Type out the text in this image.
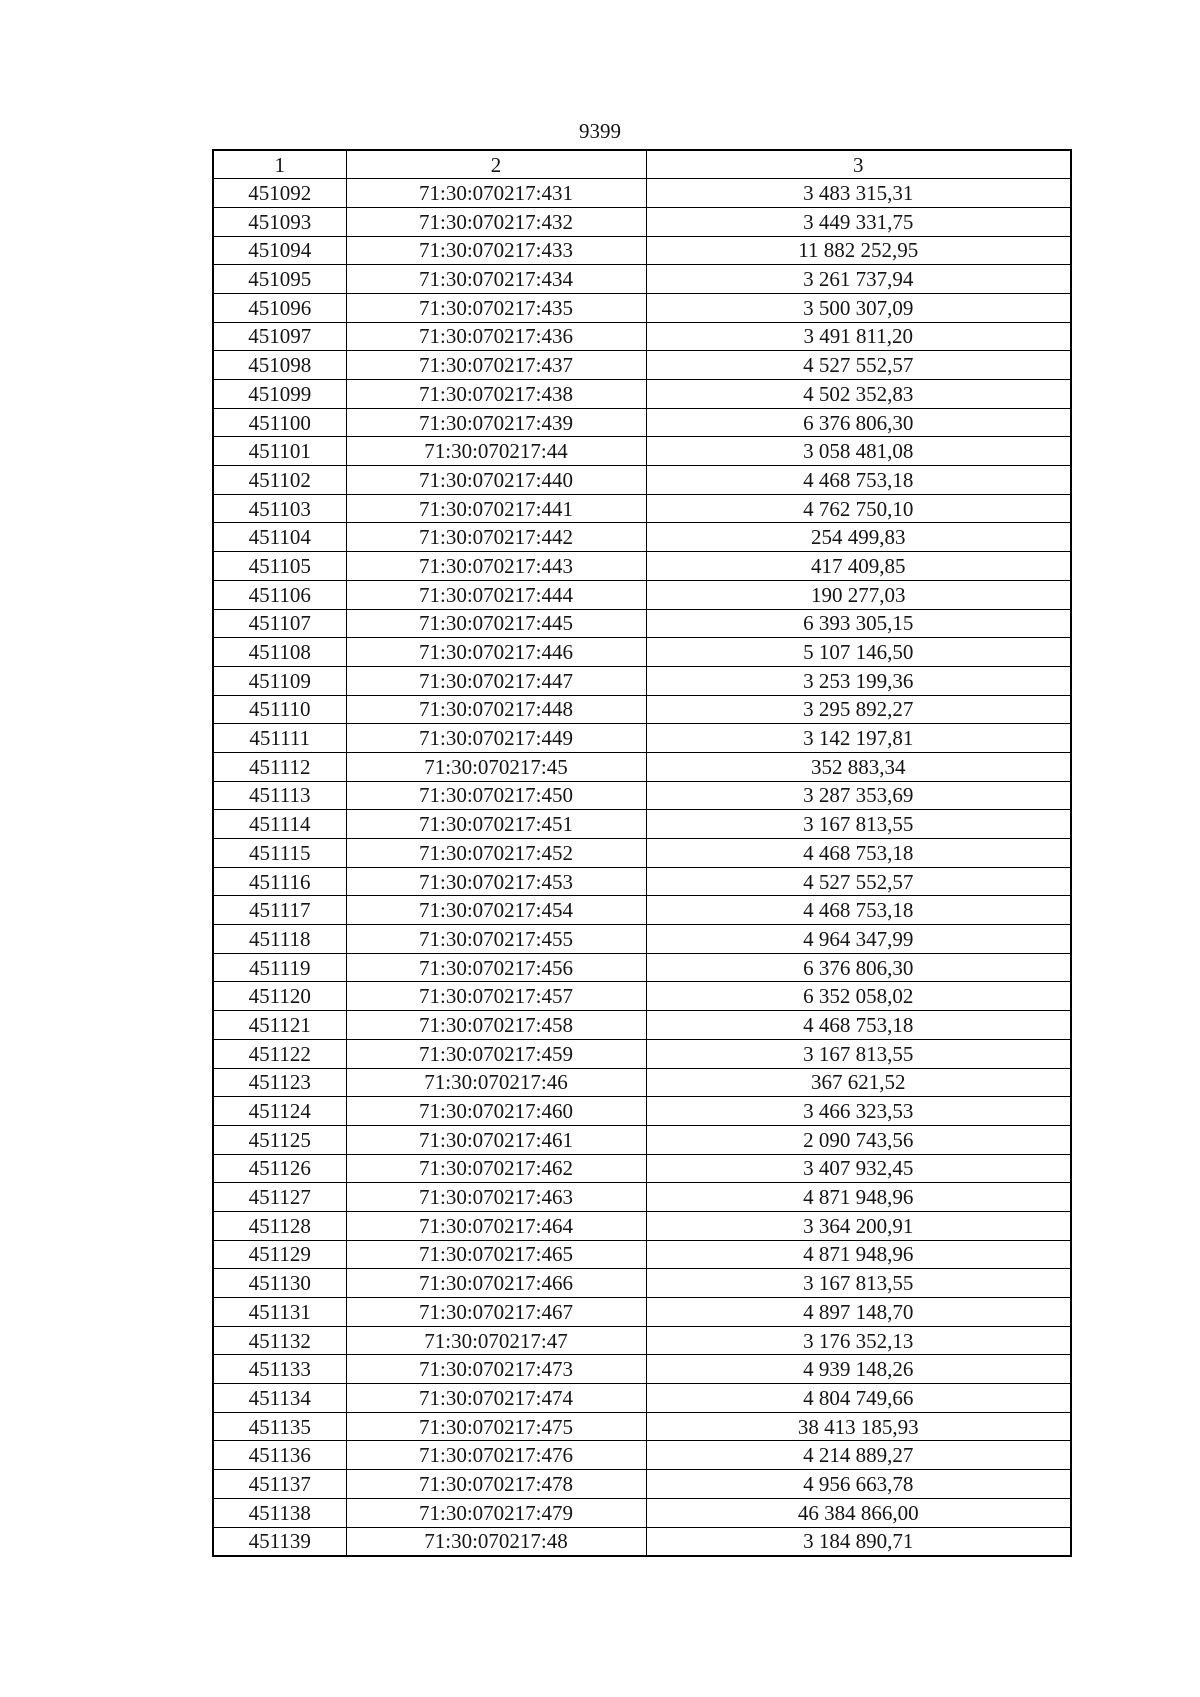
9399
1	2	3
451092	71:30:070217:431	3 483 315,31
451093	71:30:070217:432	3 449 331,75
451094	71:30:070217:433	11 882 252,95
451095	71:30:070217:434	3 261 737,94
451096	71:30:070217:435	3 500 307,09
451097	71:30:070217:436	3 491 811,20
451098	71:30:070217:437	4 527 552,57
451099	71:30:070217:438	4 502 352,83
451100	71:30:070217:439	6 376 806,30
451101	71:30:070217:44	3 058 481,08
451102	71:30:070217:440	4 468 753,18
451103	71:30:070217:441	4 762 750,10
451104	71:30:070217:442	254 499,83
451105	71:30:070217:443	417 409,85
451106	71:30:070217:444	190 277,03
451107	71:30:070217:445	6 393 305,15
451108	71:30:070217:446	5 107 146,50
451109	71:30:070217:447	3 253 199,36
451110	71:30:070217:448	3 295 892,27
451111	71:30:070217:449	3 142 197,81
451112	71:30:070217:45	352 883,34
451113	71:30:070217:450	3 287 353,69
451114	71:30:070217:451	3 167 813,55
451115	71:30:070217:452	4 468 753,18
451116	71:30:070217:453	4 527 552,57
451117	71:30:070217:454	4 468 753,18
451118	71:30:070217:455	4 964 347,99
451119	71:30:070217:456	6 376 806,30
451120	71:30:070217:457	6 352 058,02
451121	71:30:070217:458	4 468 753,18
451122	71:30:070217:459	3 167 813,55
451123	71:30:070217:46	367 621,52
451124	71:30:070217:460	3 466 323,53
451125	71:30:070217:461	2 090 743,56
451126	71:30:070217:462	3 407 932,45
451127	71:30:070217:463	4 871 948,96
451128	71:30:070217:464	3 364 200,91
451129	71:30:070217:465	4 871 948,96
451130	71:30:070217:466	3 167 813,55
451131	71:30:070217:467	4 897 148,70
451132	71:30:070217:47	3 176 352,13
451133	71:30:070217:473	4 939 148,26
451134	71:30:070217:474	4 804 749,66
451135	71:30:070217:475	38 413 185,93
451136	71:30:070217:476	4 214 889,27
451137	71:30:070217:478	4 956 663,78
451138	71:30:070217:479	46 384 866,00
451139	71:30:070217:48	3 184 890,71
